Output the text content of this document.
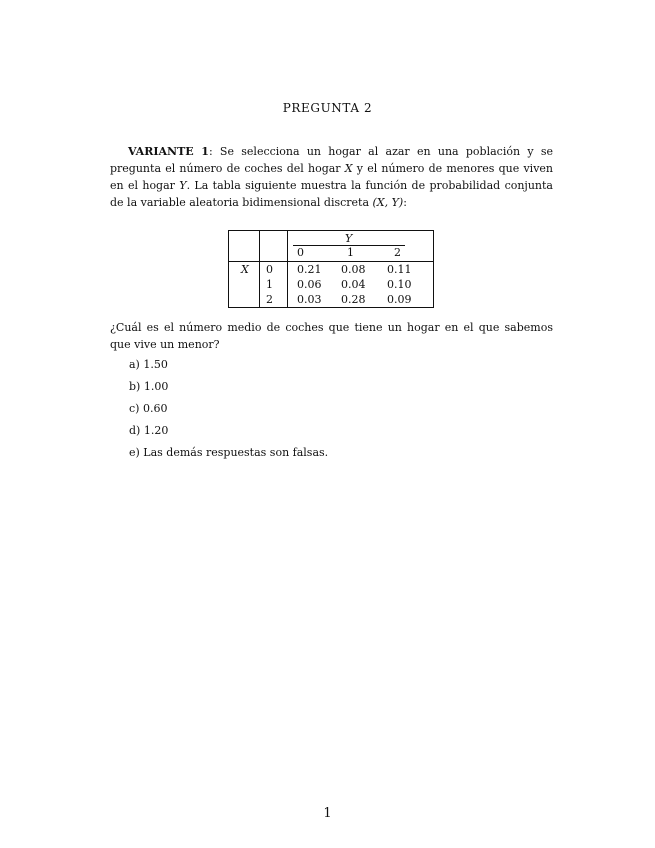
PREGUNTA 2

VARIANTE 1: Se selecciona un hogar al azar en una población y se pregunta el número de coches del hogar X y el número de menores que viven en el hogar Y. La tabla siguiente muestra la función de probabilidad conjunta de la variable aleatoria bidimensional discreta (X, Y):

Y
X
0	1	2
0
1
2
0.21 0.08 0.11
0.06 0.04 0.10
0.03 0.28 0.09

¿Cuál es el número medio de coches que tiene un hogar en el que sabemos que vive un menor?

a) 1.50
b) 1.00
c) 0.60
d) 1.20
e) Las demás respuestas son falsas.
1
